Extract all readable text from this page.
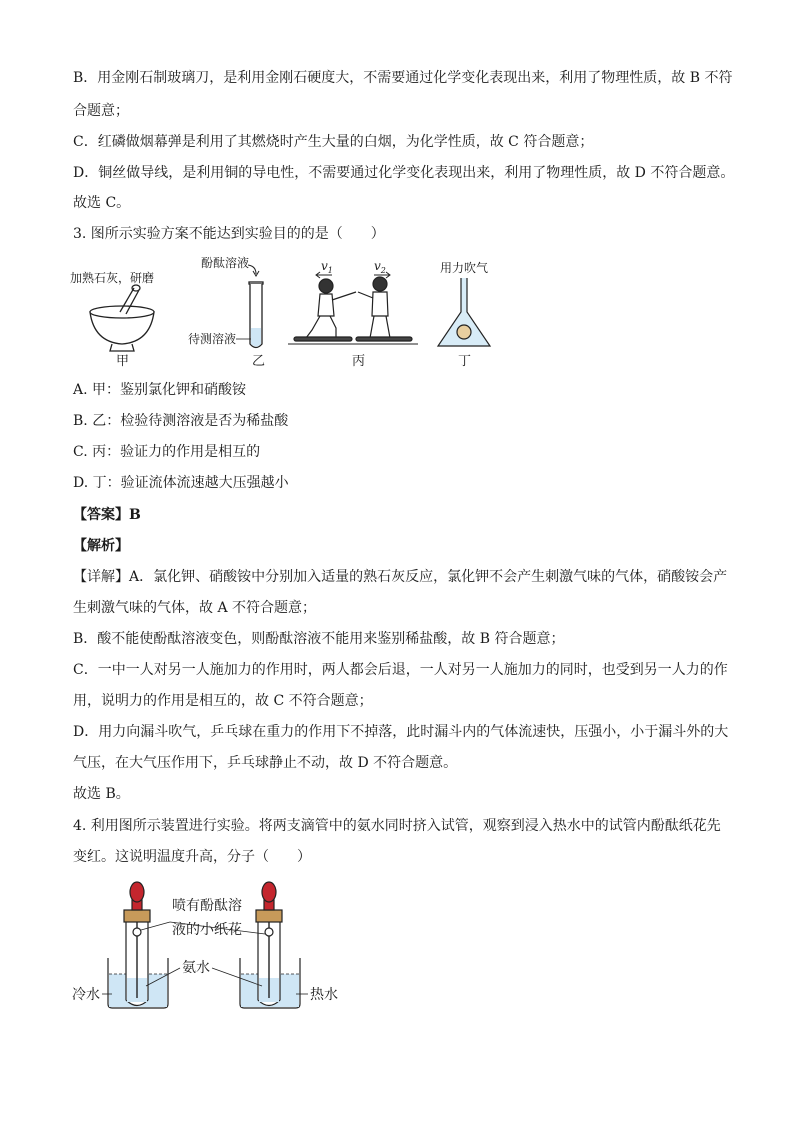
B．用金刚石制玻璃刀，是利用金刚石硬度大，不需要通过化学变化表现出来，利用了物理性质，故 B 不符
合题意；
C．红磷做烟幕弹是利用了其燃烧时产生大量的白烟，为化学性质，故 C 符合题意；
D．铜丝做导线，是利用铜的导电性，不需要通过化学变化表现出来，利用了物理性质，故 D 不符合题意。
故选 C。
3. 图所示实验方案不能达到实验目的的是（　　）
加熟石灰，研磨
甲
酚酞溶液
待测溶液
乙
$v_1$	$v_2$
丙
用力吹气
丁
A. 甲：鉴别氯化钾和硝酸铵
B. 乙：检验待测溶液是否为稀盐酸
C. 丙：验证力的作用是相互的
D. 丁：验证流体流速越大压强越小
【答案】B
【解析】
【详解】A．氯化钾、硝酸铵中分别加入适量的熟石灰反应，氯化钾不会产生刺激气味的气体，硝酸铵会产
生刺激气味的气体，故 A 不符合题意；
B．酸不能使酚酞溶液变色，则酚酞溶液不能用来鉴别稀盐酸，故 B 符合题意；
C．一中一人对另一人施加力的作用时，两人都会后退，一人对另一人施加力的同时，也受到另一人力的作
用，说明力的作用是相互的，故 C 不符合题意；
D．用力向漏斗吹气，乒乓球在重力的作用下不掉落，此时漏斗内的气体流速快，压强小，小于漏斗外的大
气压，在大气压作用下，乒乓球静止不动，故 D 不符合题意。
故选 B。
4. 利用图所示装置进行实验。将两支滴管中的氨水同时挤入试管，观察到浸入热水中的试管内酚酞纸花先
变红。这说明温度升高，分子（　　）
喷有酚酞溶
液的小纸花
氨水
冷水	热水
